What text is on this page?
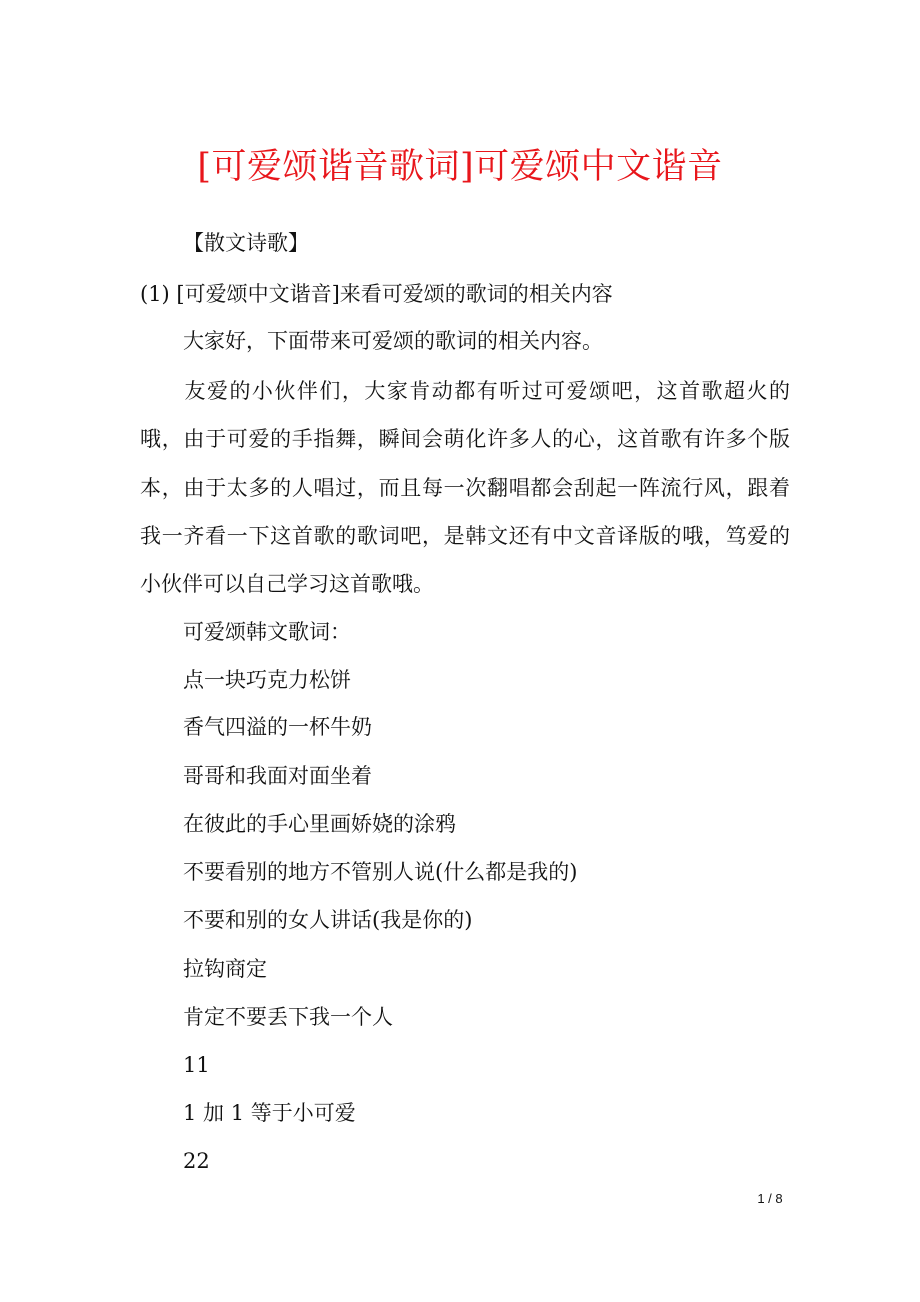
[可爱颂谐音歌词]可爱颂中文谐音

【散文诗歌】

(1) [可爱颂中文谐音]来看可爱颂的歌词的相关内容

大家好，下面带来可爱颂的歌词的相关内容。

友爱的小伙伴们，大家肯动都有听过可爱颂吧，这首歌超火的哦，由于可爱的手指舞，瞬间会萌化许多人的心，这首歌有许多个版本，由于太多的人唱过，而且每一次翻唱都会刮起一阵流行风，跟着我一齐看一下这首歌的歌词吧，是韩文还有中文音译版的哦，笃爱的小伙伴可以自己学习这首歌哦。

可爱颂韩文歌词：

点一块巧克力松饼

香气四溢的一杯牛奶

哥哥和我面对面坐着

在彼此的手心里画娇娆的涂鸦

不要看别的地方不管别人说(什么都是我的)

不要和别的女人讲话(我是你的)

拉钩商定

肯定不要丢下我一个人

11

1 加 1 等于小可爱

22

1 / 8
